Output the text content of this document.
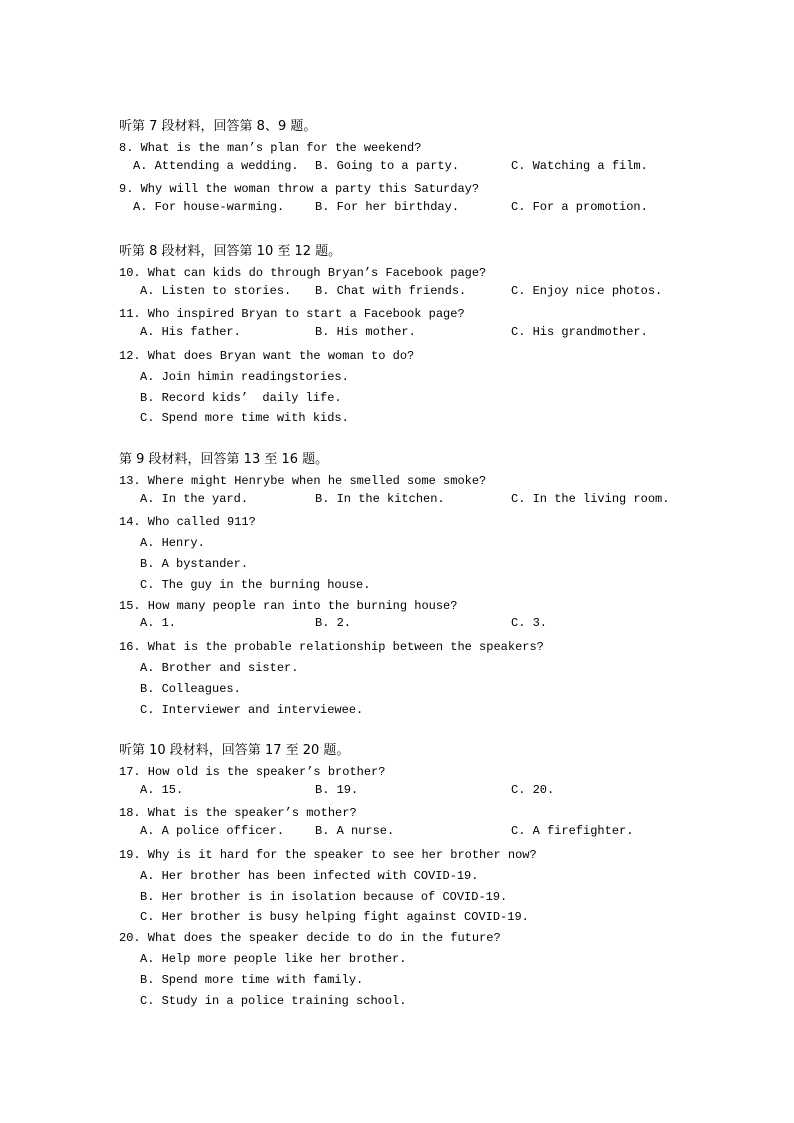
听第 7 段材料，回答第 8、9 题。
8. What is the man’s plan for the weekend?
A. Attending a wedding. B. Going to a party.	C. Watching a film.
9. Why will the woman throw a party this Saturday?
A. For house-warming.	B. For her birthday.	C. For a promotion.
听第 8 段材料，回答第 10 至 12 题。
10. What can kids do through Bryan’s Facebook page?
A. Listen to stories. B. Chat with friends.	C. Enjoy nice photos.
11. Who inspired Bryan to start a Facebook page?
A. His father.	B. His mother.	C. His grandmother.
12. What does Bryan want the woman to do?
A. Join himin readingstories.
B. Record kids’  daily life.
C. Spend more time with kids.
第 9 段材料，回答第 13 至 16 题。
13. Where might Henrybe when he smelled some smoke?
A. In the yard.	B. In the kitchen.	C. In the living room.
14. Who called 911?
A. Henry.
B. A bystander.
C. The guy in the burning house.
15. How many people ran into the burning house?
A. 1.	B. 2.	C. 3.
16. What is the probable relationship between the speakers?
A. Brother and sister.
B. Colleagues.
C. Interviewer and interviewee.
听第 10 段材料，回答第 17 至 20 题。
17. How old is the speaker’s brother?
A. 15.	B. 19.	C. 20.
18. What is the speaker’s mother?
A. A police officer.	B. A nurse.	C. A firefighter.
19. Why is it hard for the speaker to see her brother now?
A. Her brother has been infected with COVID-19.
B. Her brother is in isolation because of COVID-19.
C. Her brother is busy helping fight against COVID-19.
20. What does the speaker decide to do in the future?
A. Help more people like her brother.
B. Spend more time with family.
C. Study in a police training school.
